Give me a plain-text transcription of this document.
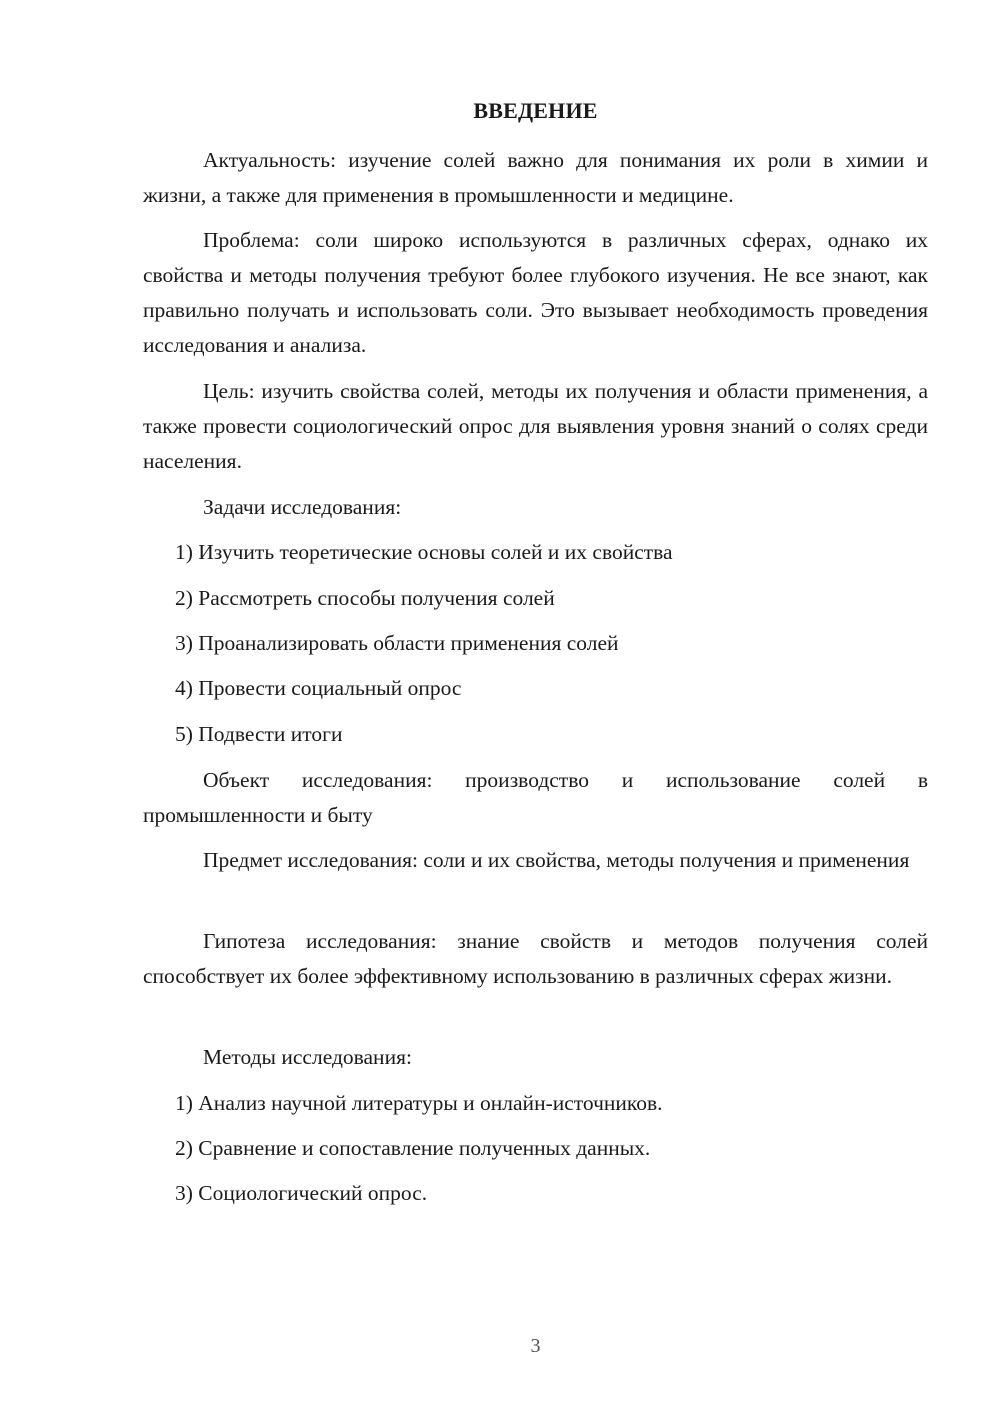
ВВЕДЕНИЕ

Актуальность: изучение солей важно для понимания их роли в химии и жизни, а также для применения в промышленности и медицине.

Проблема: соли широко используются в различных сферах, однако их свойства и методы получения требуют более глубокого изучения. Не все знают, как правильно получать и использовать соли. Это вызывает необходимость проведения исследования и анализа.

Цель: изучить свойства солей, методы их получения и области применения, а также провести социологический опрос для выявления уровня знаний о солях среди населения.

Задачи исследования:

1) Изучить теоретические основы солей и их свойства

2) Рассмотреть способы получения солей

3) Проанализировать области применения солей

4) Провести социальный опрос

5) Подвести итоги

Объект исследования: производство и использование солей в промышленности и быту

Предмет исследования: соли и их свойства, методы получения и применения

Гипотеза исследования: знание свойств и методов получения солей способствует их более эффективному использованию в различных сферах жизни.

Методы исследования:

1) Анализ научной литературы и онлайн-источников.

2) Сравнение и сопоставление полученных данных.

3) Социологический опрос.

3
